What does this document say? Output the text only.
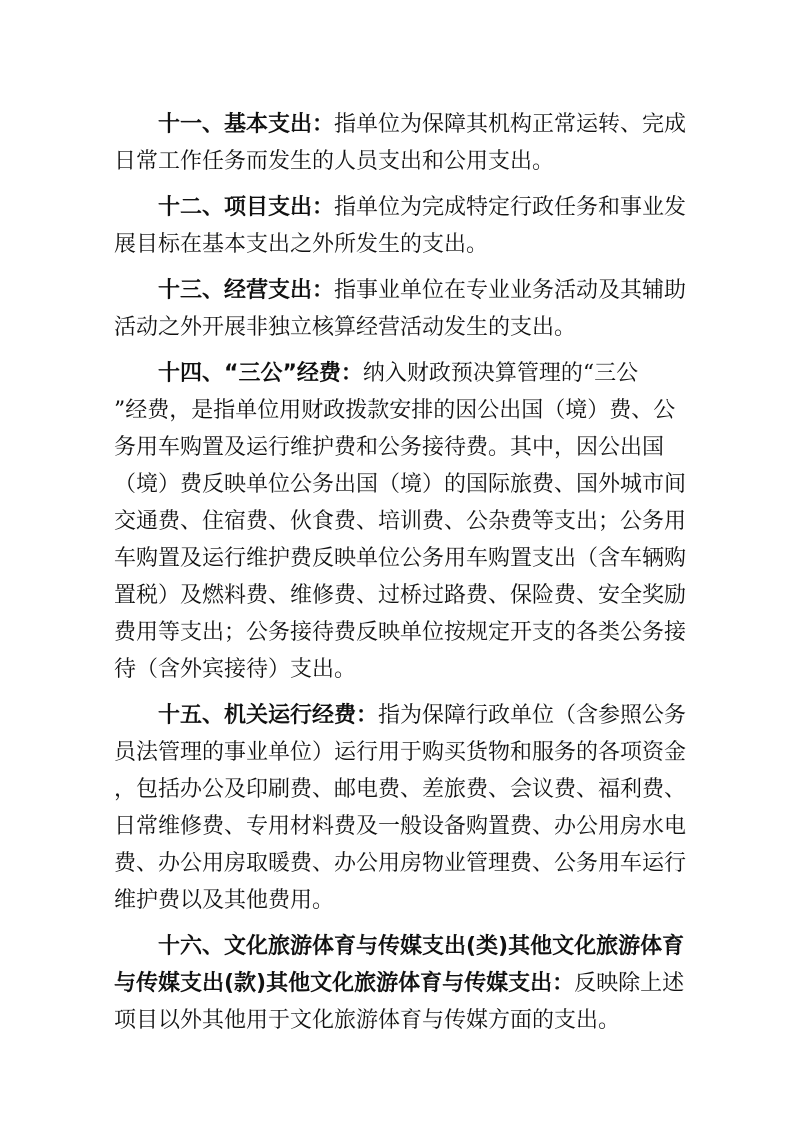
十一、基本支出：指单位为保障其机构正常运转、完成
日常工作任务而发生的人员支出和公用支出。
十二、项目支出：指单位为完成特定行政任务和事业发
展目标在基本支出之外所发生的支出。
十三、经营支出：指事业单位在专业业务活动及其辅助
活动之外开展非独立核算经营活动发生的支出。
十四、“三公”经费：纳入财政预决算管理的“三公
”经费，是指单位用财政拨款安排的因公出国（境）费、公
务用车购置及运行维护费和公务接待费。其中，因公出国
（境）费反映单位公务出国（境）的国际旅费、国外城市间
交通费、住宿费、伙食费、培训费、公杂费等支出；公务用
车购置及运行维护费反映单位公务用车购置支出（含车辆购
置税）及燃料费、维修费、过桥过路费、保险费、安全奖励
费用等支出；公务接待费反映单位按规定开支的各类公务接
待（含外宾接待）支出。
十五、机关运行经费：指为保障行政单位（含参照公务
员法管理的事业单位）运行用于购买货物和服务的各项资金
，包括办公及印刷费、邮电费、差旅费、会议费、福利费、
日常维修费、专用材料费及一般设备购置费、办公用房水电
费、办公用房取暖费、办公用房物业管理费、公务用车运行
维护费以及其他费用。
十六、文化旅游体育与传媒支出(类)其他文化旅游体育
与传媒支出(款)其他文化旅游体育与传媒支出：反映除上述
项目以外其他用于文化旅游体育与传媒方面的支出。
